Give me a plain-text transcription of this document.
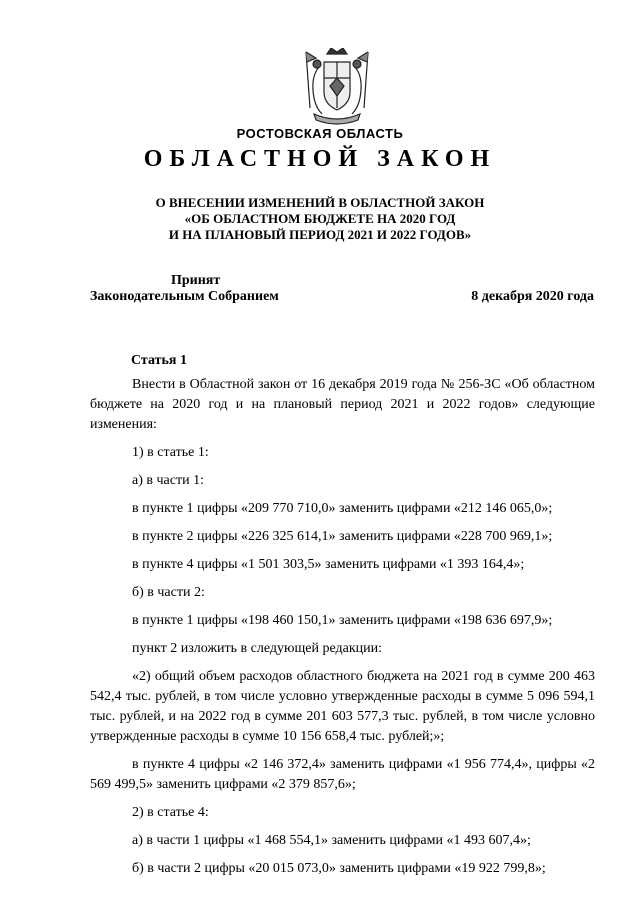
РОСТОВСКАЯ ОБЛАСТЬ
ОБЛАСТНОЙ ЗАКОН
О ВНЕСЕНИИ ИЗМЕНЕНИЙ В ОБЛАСТНОЙ ЗАКОН
«ОБ ОБЛАСТНОМ БЮДЖЕТЕ НА 2020 ГОД
И НА ПЛАНОВЫЙ ПЕРИОД 2021 И 2022 ГОДОВ»
Принят
Законодательным Собранием	8 декабря 2020 года
Статья 1
Внести в Областной закон от 16 декабря 2019 года № 256-ЗС «Об областном бюджете на 2020 год и на плановый период 2021 и 2022 годов» следующие изменения:
1) в статье 1:
а) в части 1:
в пункте 1 цифры «209 770 710,0» заменить цифрами «212 146 065,0»;
в пункте 2 цифры «226 325 614,1» заменить цифрами «228 700 969,1»;
в пункте 4 цифры «1 501 303,5» заменить цифрами «1 393 164,4»;
б) в части 2:
в пункте 1 цифры «198 460 150,1» заменить цифрами «198 636 697,9»;
пункт 2 изложить в следующей редакции:
«2) общий объем расходов областного бюджета на 2021 год в сумме 200 463 542,4 тыс. рублей, в том числе условно утвержденные расходы в сумме 5 096 594,1 тыс. рублей, и на 2022 год в сумме 201 603 577,3 тыс. рублей, в том числе условно утвержденные расходы в сумме 10 156 658,4 тыс. рублей;»;
в пункте 4 цифры «2 146 372,4» заменить цифрами «1 956 774,4», цифры «2 569 499,5» заменить цифрами «2 379 857,6»;
2) в статье 4:
а) в части 1 цифры «1 468 554,1» заменить цифрами «1 493 607,4»;
б) в части 2 цифры «20 015 073,0» заменить цифрами «19 922 799,8»;
